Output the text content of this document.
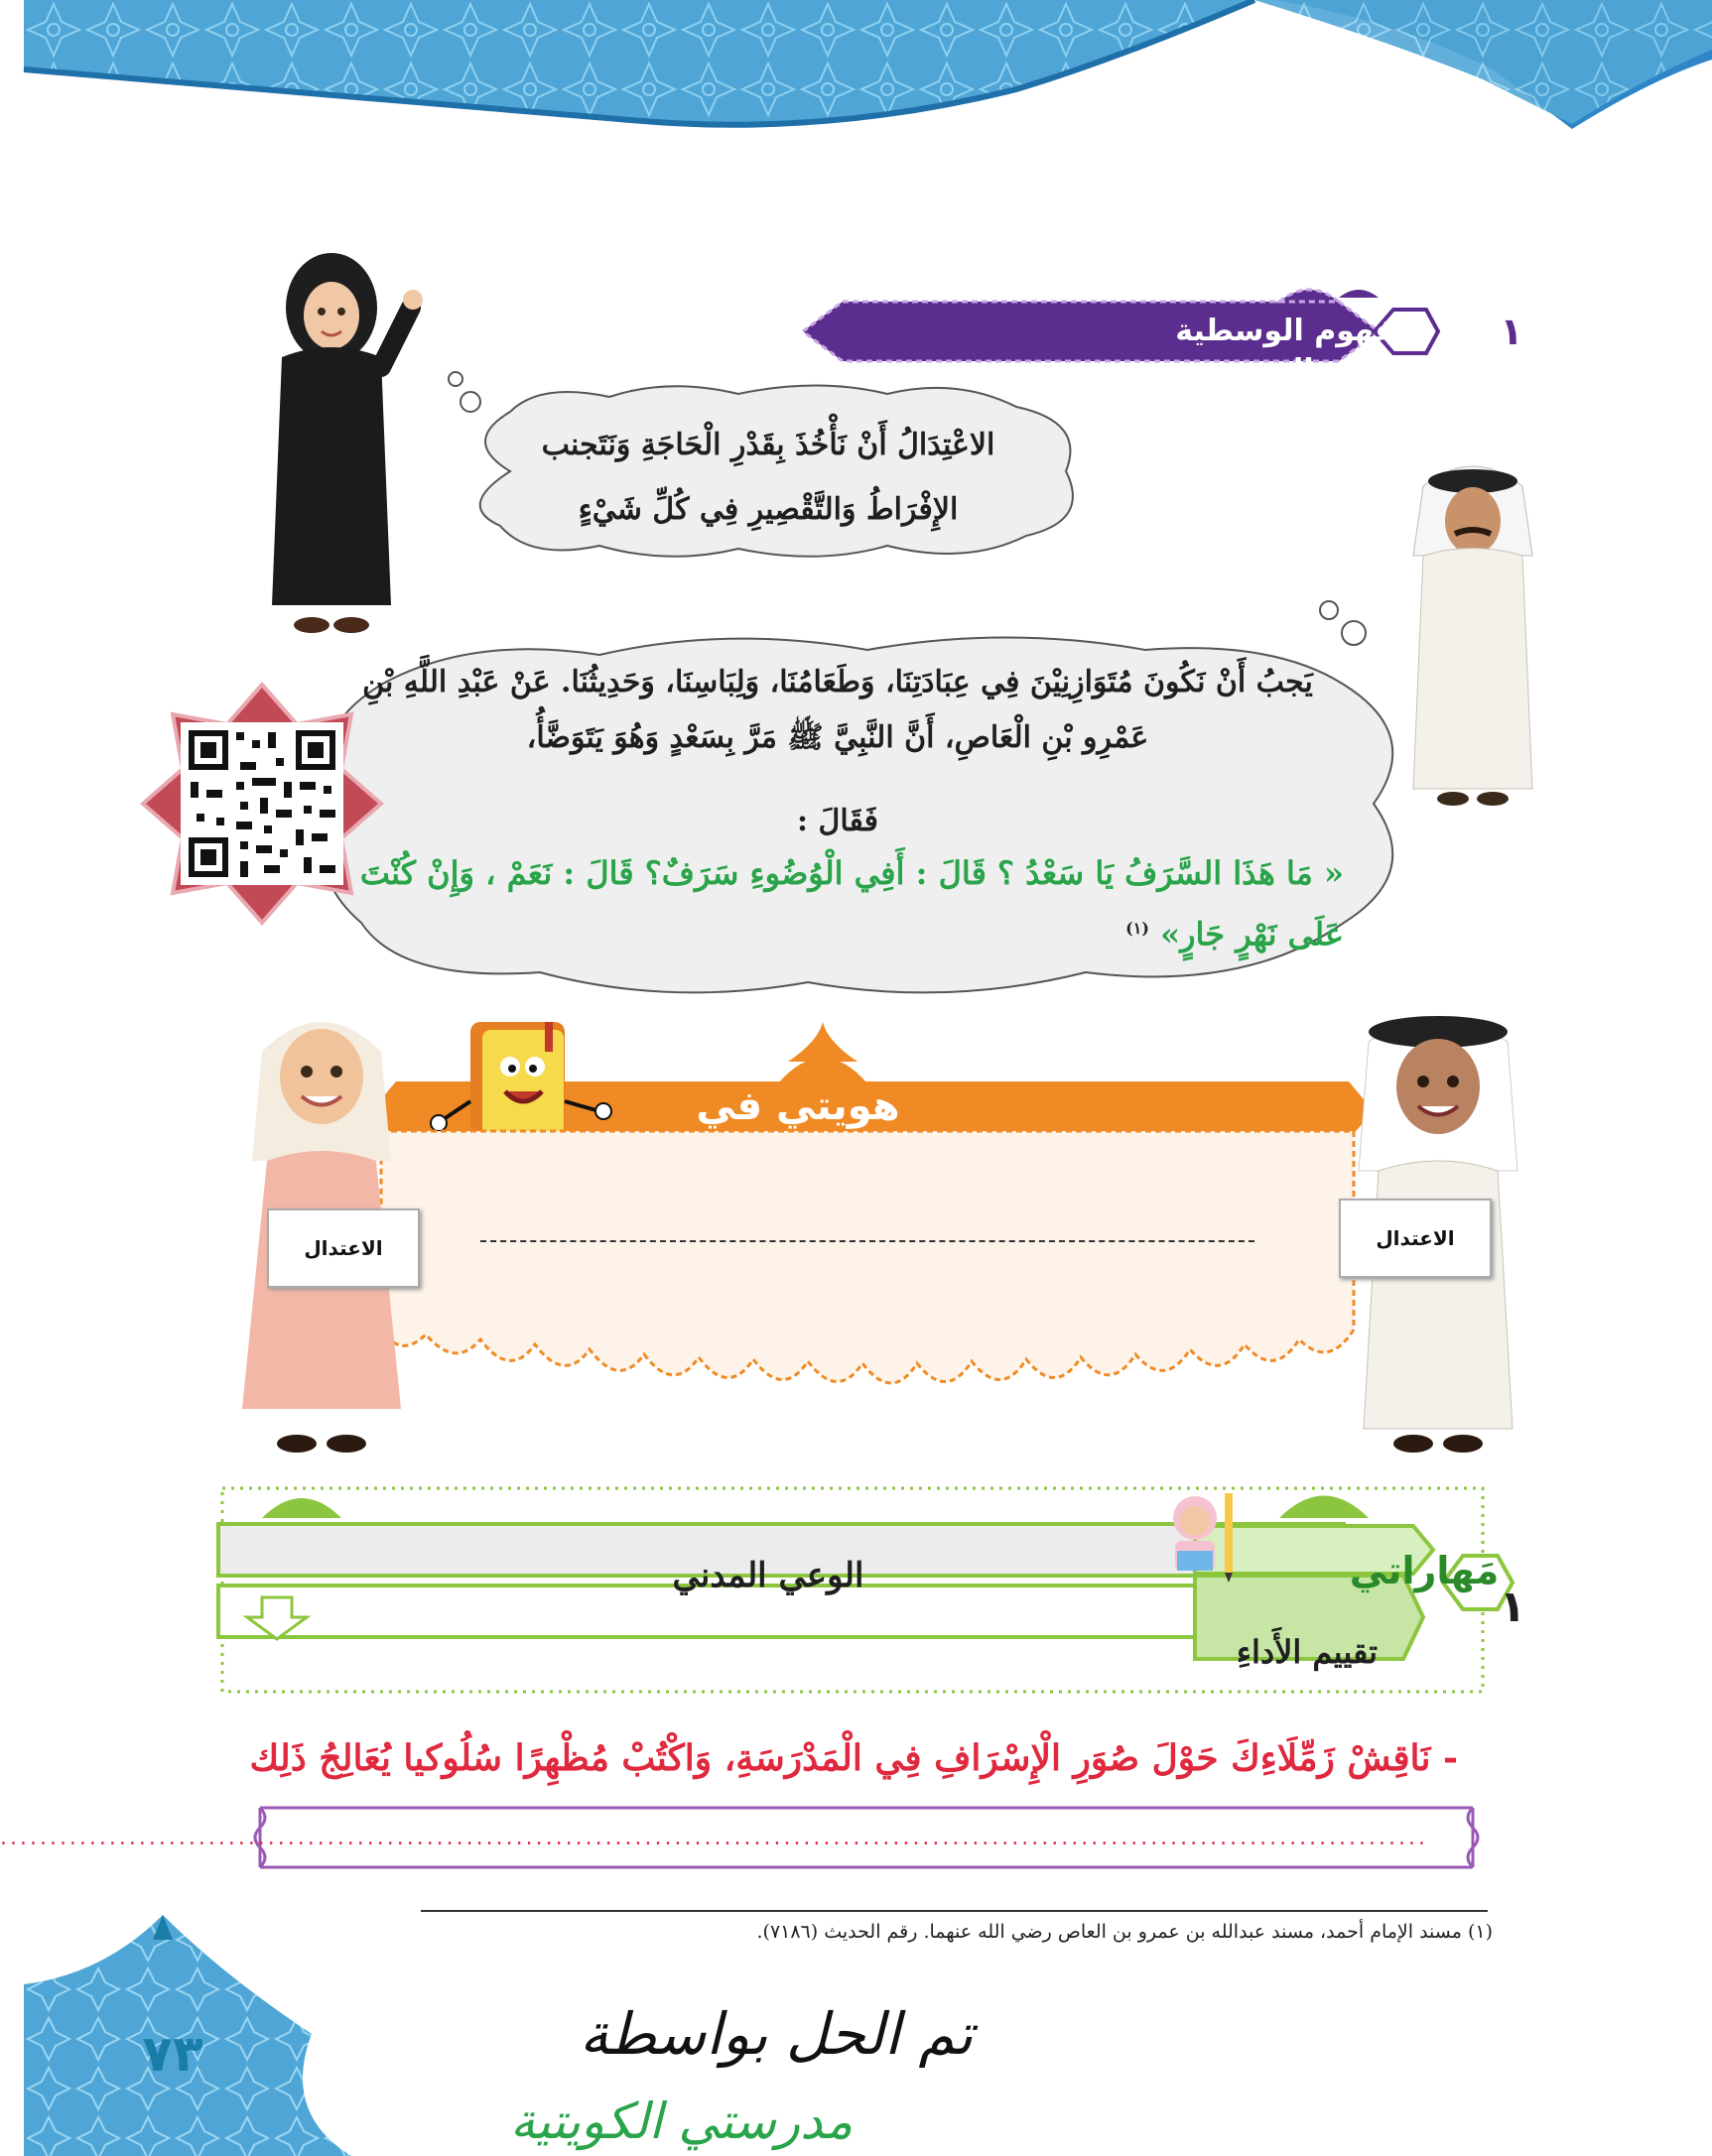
مفهوم الوسطية والاعتدال
١
الاعْتِدَالُ أَنْ نَأْخُذَ بِقَدْرِ الْحَاجَةِ وَنَتَجنب
الإِفْرَاطُ وَالتَّقْصِيرِ فِي كُلِّ شَيْءٍ
يَجبُ أَنْ نَكُونَ مُتَوَازِنِيْنَ فِي عِبَادَتِنَا، وَطَعَامُنَا، وَلِبَاسِنَا، وَحَدِيثُنَا. عَنْ عَبْدِ اللَّهِ بْنِ عَمْرِو بْنِ الْعَاصِ، أَنَّ النَّبِيَّ ﷺ مَرَّ بِسَعْدٍ وَهُوَ يَتَوَضَّأُ،
فَقَالَ :
« مَا هَذَا السَّرَفُ يَا سَعْدُ ؟ قَالَ : أَفِي الْوُضُوءِ سَرَفٌ؟ قَالَ : نَعَمْ ، وَإِنْ كُنْتَ عَلَى نَهْرٍ جَارٍ» $^{(١)}$
هويتي في
الاعتدال	الاعتدال
مَهاراتي
١
الوعي المدني
تقييم الأَداءِ
- نَاقِشْ زَمِّلَاءِكَ حَوْلَ صُوَرِ الْإِسْرَافِ فِي الْمَدْرَسَةِ، وَاكْتُبْ مُظْهِرًا سُلُوكيا يُعَالِجُ ذَلِك
................................................................................................................................................
(١) مسند الإمام أحمد، مسند عبدالله بن عمرو بن العاص رضي الله عنهما. رقم الحديث (٧١٨٦).
٧٣	تم الحل بواسطة
مدرستي الكويتية
